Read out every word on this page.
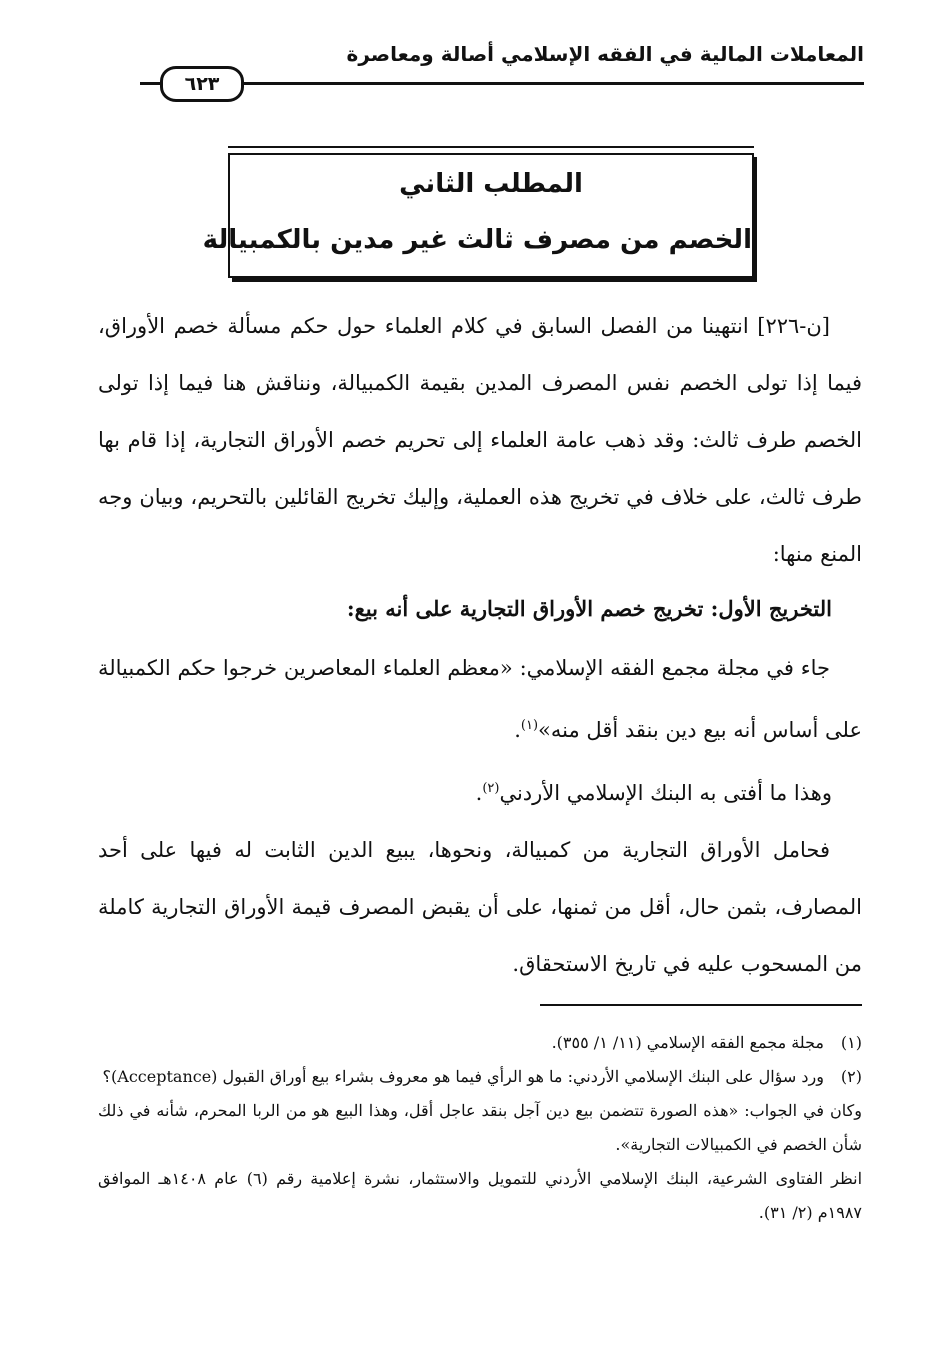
المعاملات المالية في الفقه الإسلامي أصالة ومعاصرة
٦٢٣
المطلب الثاني
الخصم من مصرف ثالث غير مدين بالكمبيالة
[ن-٢٢٦] انتهينا من الفصل السابق في كلام العلماء حول حكم مسألة خصم الأوراق، فيما إذا تولى الخصم نفس المصرف المدين بقيمة الكمبيالة، ونناقش هنا فيما إذا تولى الخصم طرف ثالث: وقد ذهب عامة العلماء إلى تحريم خصم الأوراق التجارية، إذا قام بها طرف ثالث، على خلاف في تخريج هذه العملية، وإليك تخريج القائلين بالتحريم، وبيان وجه المنع منها:
التخريج الأول: تخريج خصم الأوراق التجارية على أنه بيع:
جاء في مجلة مجمع الفقه الإسلامي: «معظم العلماء المعاصرين خرجوا حكم الكمبيالة على أساس أنه بيع دين بنقد أقل منه»$^{(١)}$.
وهذا ما أفتى به البنك الإسلامي الأردني$^{(٢)}$.
فحامل الأوراق التجارية من كمبيالة، ونحوها، يبيع الدين الثابت له فيها على أحد المصارف، بثمن حال، أقل من ثمنها، على أن يقبض المصرف قيمة الأوراق التجارية كاملة من المسحوب عليه في تاريخ الاستحقاق.

(١)مجلة مجمع الفقه الإسلامي (١١/ ١/ ٣٥٥).

(٢)ورد سؤال على البنك الإسلامي الأردني: ما هو الرأي فيما هو معروف بشراء بيع أوراق القبول (Acceptance)؟

وكان في الجواب: «هذه الصورة تتضمن بيع دين آجل بنقد عاجل أقل، وهذا البيع هو من الربا المحرم، شأنه في ذلك شأن الخصم في الكمبيالات التجارية».

انظر الفتاوى الشرعية، البنك الإسلامي الأردني للتمويل والاستثمار، نشرة إعلامية رقم (٦) عام ١٤٠٨هـ الموافق ١٩٨٧م (٢/ ٣١).
